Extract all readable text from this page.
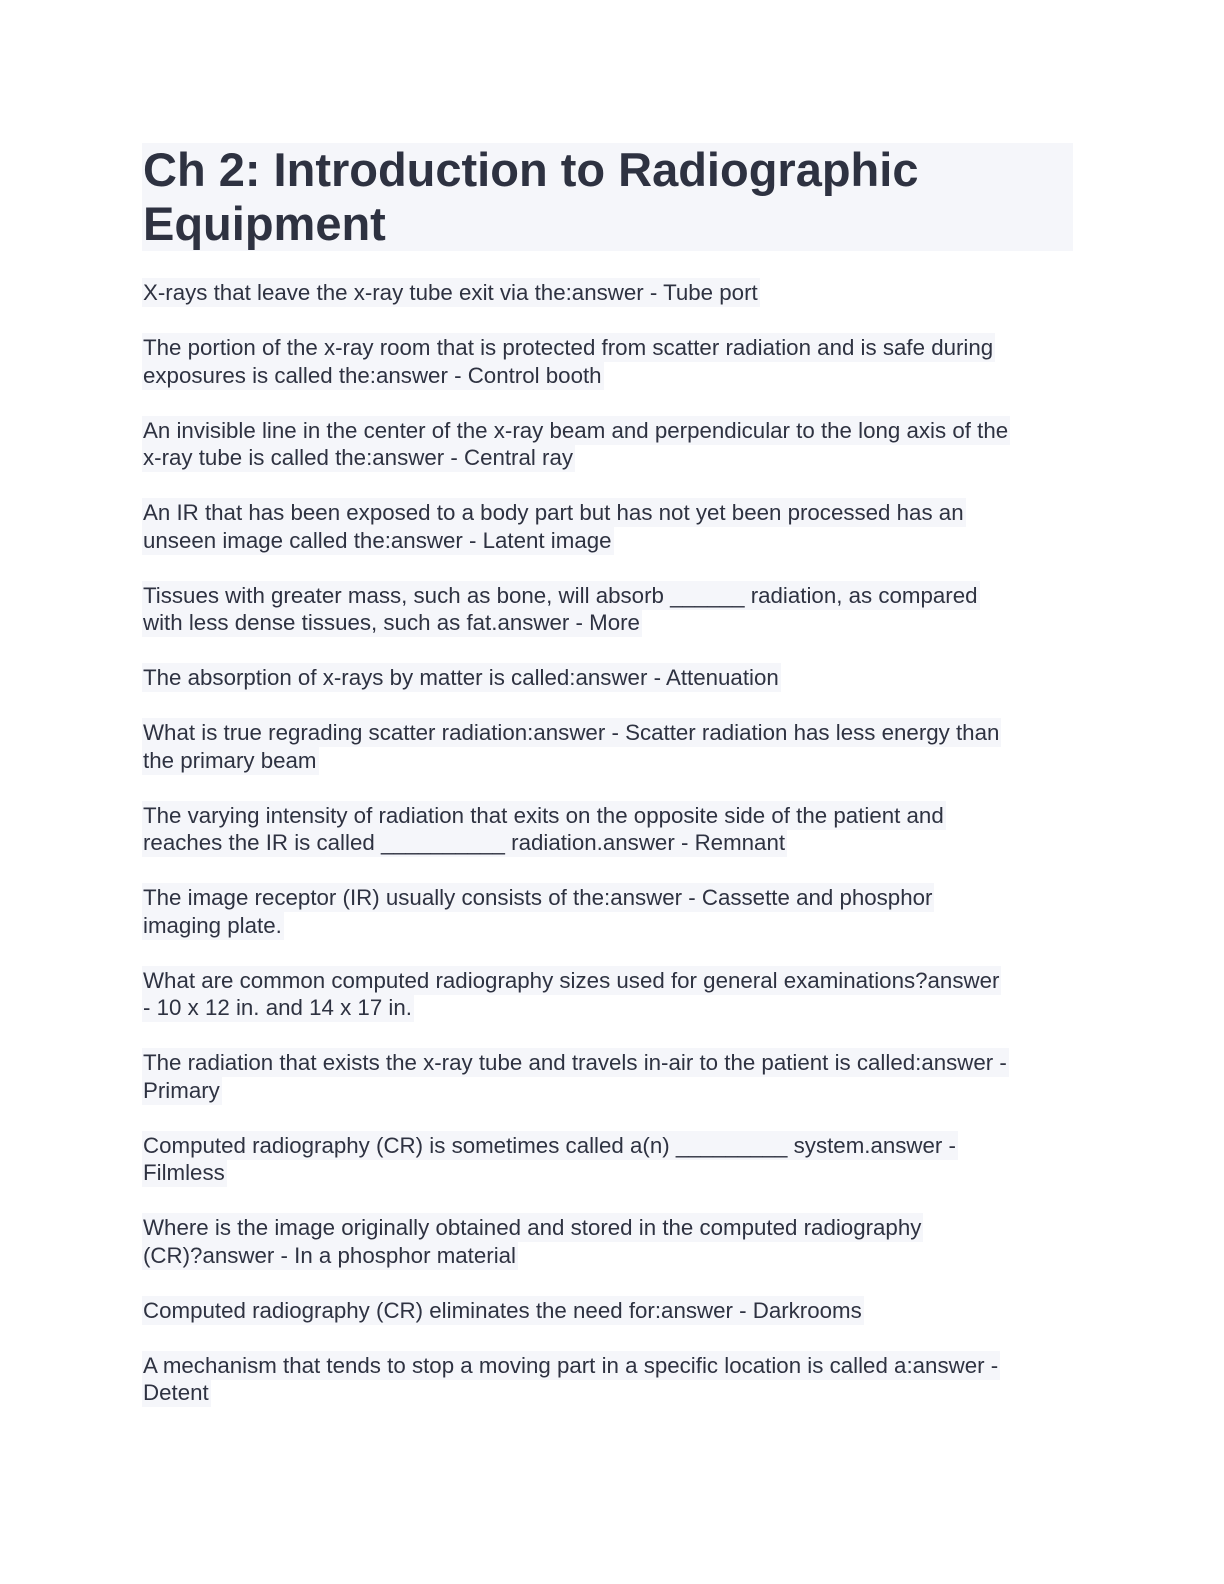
Ch 2: Introduction to Radiographic
Equipment
X-rays that leave the x-ray tube exit via the:answer - Tube port
The portion of the x-ray room that is protected from scatter radiation and is safe during
exposures is called the:answer - Control booth
An invisible line in the center of the x-ray beam and perpendicular to the long axis of the
x-ray tube is called the:answer - Central ray
An IR that has been exposed to a body part but has not yet been processed has an
unseen image called the:answer - Latent image
Tissues with greater mass, such as bone, will absorb ______ radiation, as compared
with less dense tissues, such as fat.answer - More
The absorption of x-rays by matter is called:answer - Attenuation
What is true regrading scatter radiation:answer - Scatter radiation has less energy than
the primary beam
The varying intensity of radiation that exits on the opposite side of the patient and
reaches the IR is called __________ radiation.answer - Remnant
The image receptor (IR) usually consists of the:answer - Cassette and phosphor
imaging plate.
What are common computed radiography sizes used for general examinations?answer
- 10 x 12 in. and 14 x 17 in.
The radiation that exists the x-ray tube and travels in-air to the patient is called:answer -
Primary
Computed radiography (CR) is sometimes called a(n) _________ system.answer -
Filmless
Where is the image originally obtained and stored in the computed radiography
(CR)?answer - In a phosphor material
Computed radiography (CR) eliminates the need for:answer - Darkrooms
A mechanism that tends to stop a moving part in a specific location is called a:answer -
Detent
